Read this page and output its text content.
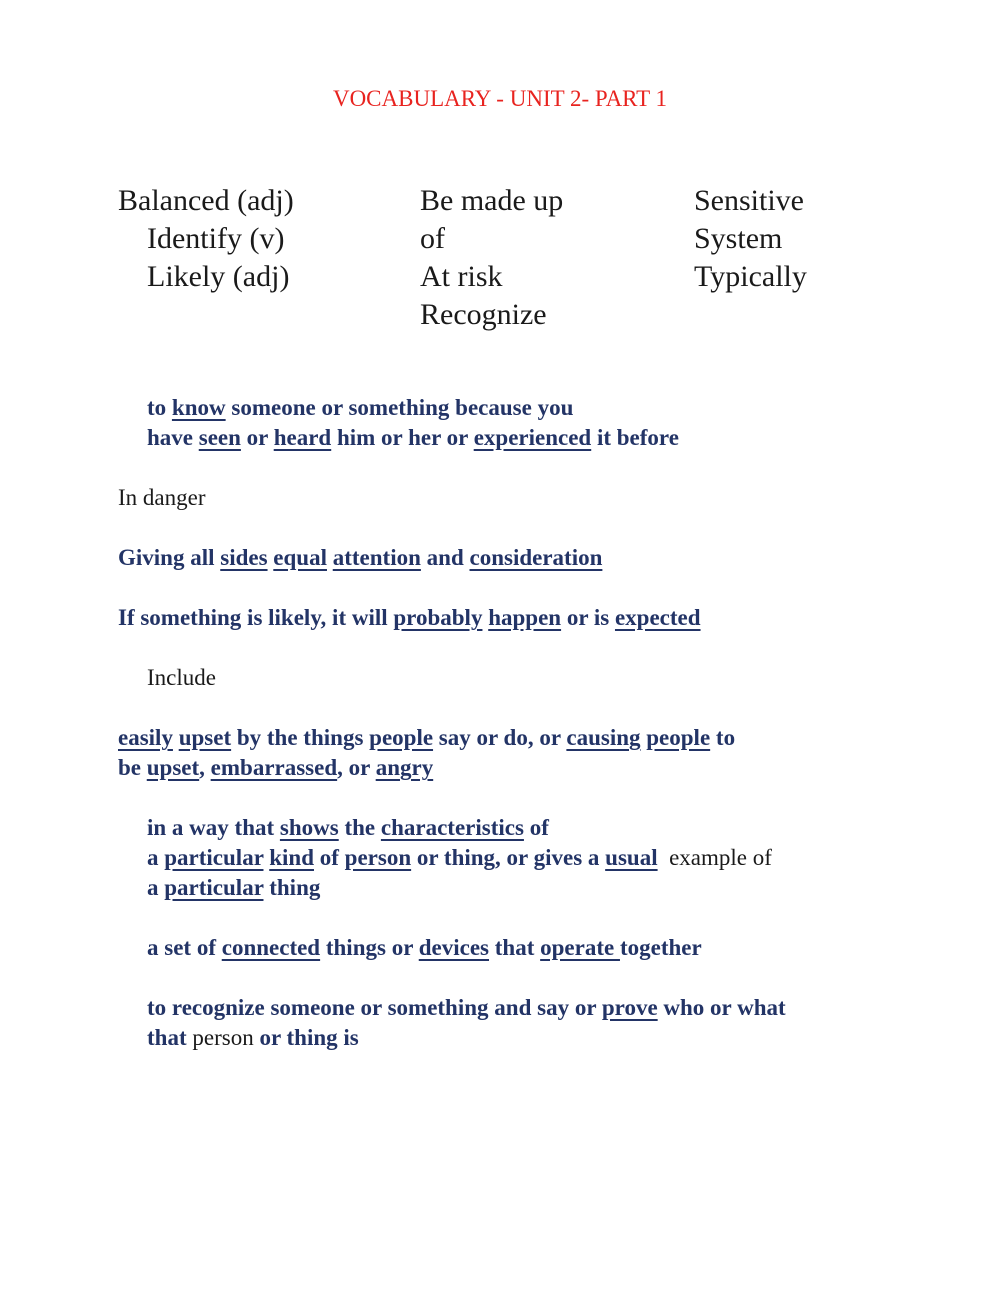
VOCABULARY - UNIT 2- PART 1
Balanced (adj)
Identify (v)
Likely (adj)
Be made up
of
At risk
Recognize
Sensitive
System
Typically
to know someone or something because you
have seen or heard him or her or experienced it before
In danger
Giving all sides equal attention and consideration
If something is likely, it will probably happen or is expected
Include
easily upset by the things people say or do, or causing people to
be upset, embarrassed, or angry
in a way that shows the characteristics of
a particular kind of person or thing, or gives a usual  example of
a particular thing
a set of connected things or devices that operate together
to recognize someone or something and say or prove who or what
that person or thing is
